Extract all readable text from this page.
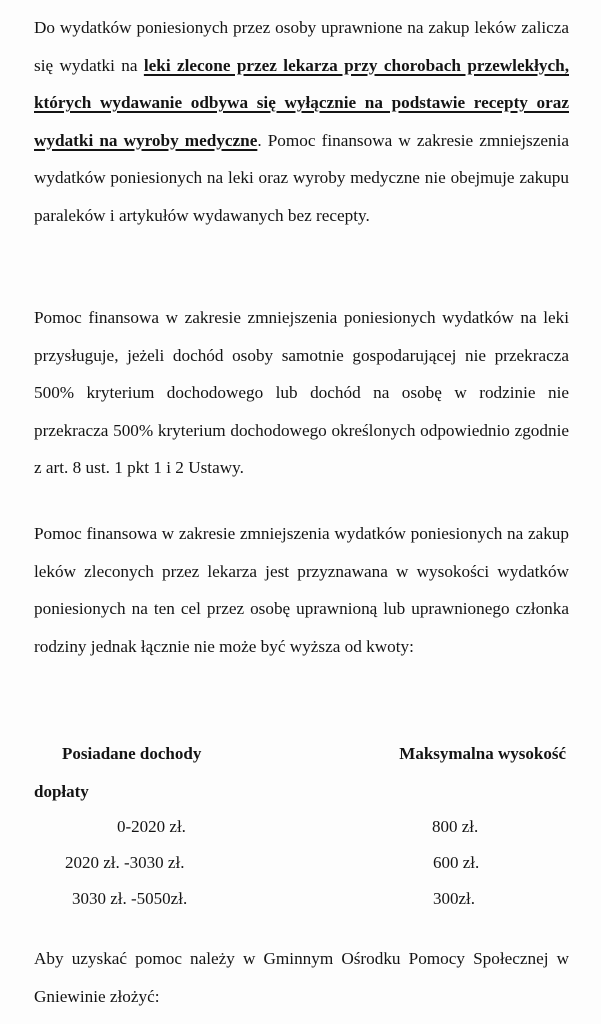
Do wydatków poniesionych przez osoby uprawnione na zakup leków zalicza się wydatki na leki zlecone przez lekarza przy chorobach przewlekłych, których wydawanie odbywa się wyłącznie na podstawie recepty oraz wydatki na wyroby medyczne. Pomoc finansowa w zakresie zmniejszenia wydatków poniesionych na leki oraz wyroby medyczne nie obejmuje zakupu paraleków i artykułów wydawanych bez recepty.

Pomoc finansowa w zakresie zmniejszenia poniesionych wydatków na leki przysługuje, jeżeli dochód osoby samotnie gospodarującej nie przekracza 500% kryterium dochodowego lub dochód na osobę w rodzinie nie przekracza 500% kryterium dochodowego określonych odpowiednio zgodnie z art. 8 ust. 1 pkt 1 i 2 Ustawy.

Pomoc finansowa w zakresie zmniejszenia wydatków poniesionych na zakup leków zleconych przez lekarza jest przyznawana w wysokości wydatków poniesionych na ten cel przez osobę uprawnioną lub uprawnionego członka rodziny jednak łącznie nie może być wyższa od kwoty:

Posiadane dochody	Maksymalna wysokość
dopłaty
0-2020 zł.	800 zł.
2020 zł. -3030 zł.	600 zł.
3030 zł. -5050zł.	300zł.

Aby uzyskać pomoc należy w Gminnym Ośrodku Pomocy Społecznej w Gniewinie złożyć:
